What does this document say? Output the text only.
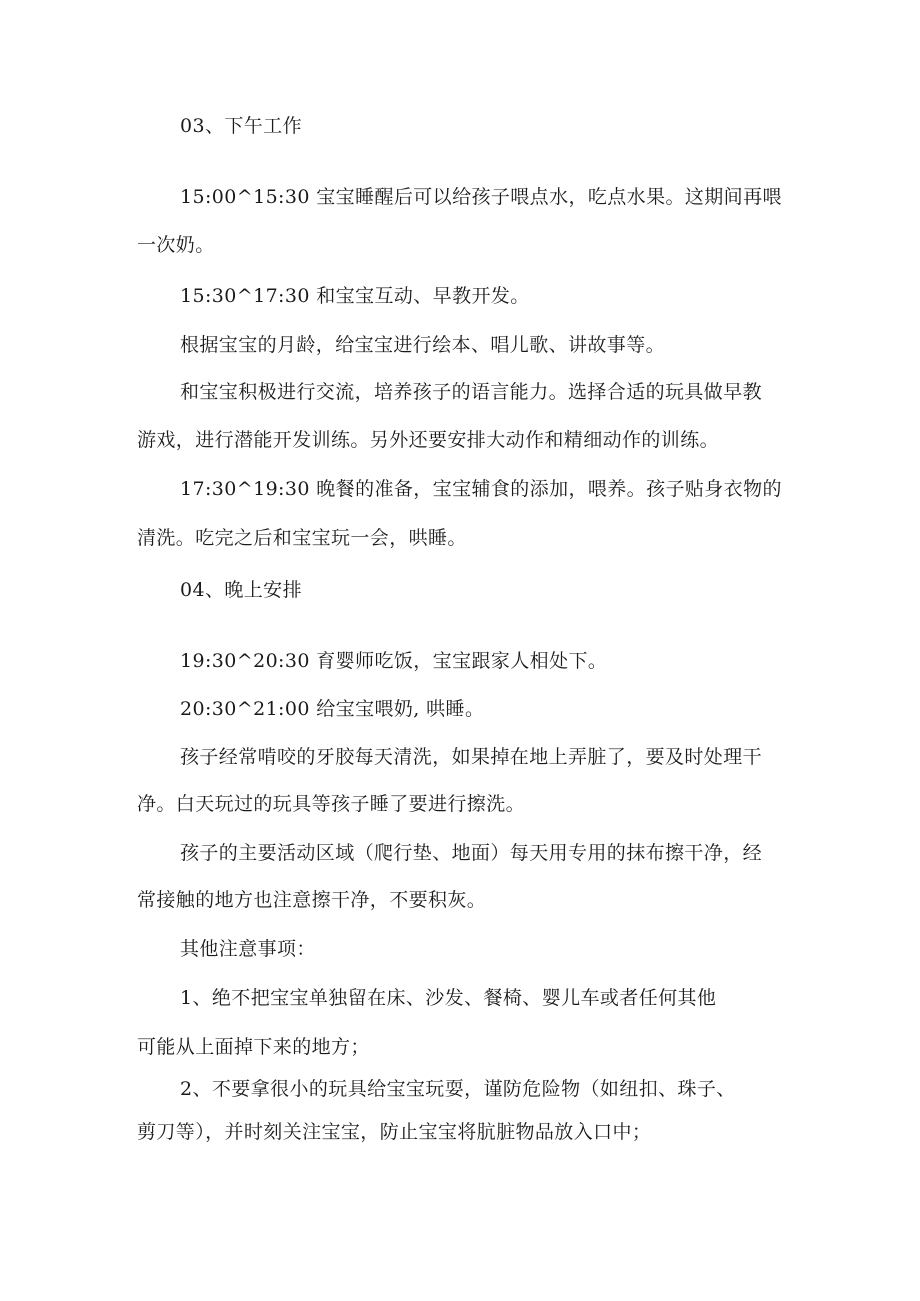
03、下午工作
15:00^15:30 宝宝睡醒后可以给孩子喂点水，吃点水果。这期间再喂
一次奶。
15:30^17:30 和宝宝互动、早教开发。
根据宝宝的月龄，给宝宝进行绘本、唱儿歌、讲故事等。
和宝宝积极进行交流，培养孩子的语言能力。选择合适的玩具做早教
游戏，进行潜能开发训练。另外还要安排大动作和精细动作的训练。
17:30^19:30 晚餐的准备，宝宝辅食的添加，喂养。孩子贴身衣物的
清洗。吃完之后和宝宝玩一会，哄睡。
04、晚上安排
19:30^20:30 育婴师吃饭，宝宝跟家人相处下。
20:30^21:00 给宝宝喂奶, 哄睡。
孩子经常啃咬的牙胶每天清洗，如果掉在地上弄脏了，要及时处理干
净。白天玩过的玩具等孩子睡了要进行擦洗。
孩子的主要活动区域（爬行垫、地面）每天用专用的抹布擦干净，经
常接触的地方也注意擦干净，不要积灰。
其他注意事项：
1、绝不把宝宝单独留在床、沙发、餐椅、婴儿车或者任何其他
可能从上面掉下来的地方；
2、不要拿很小的玩具给宝宝玩耍，谨防危险物（如纽扣、珠子、
剪刀等），并时刻关注宝宝，防止宝宝将肮脏物品放入口中；
